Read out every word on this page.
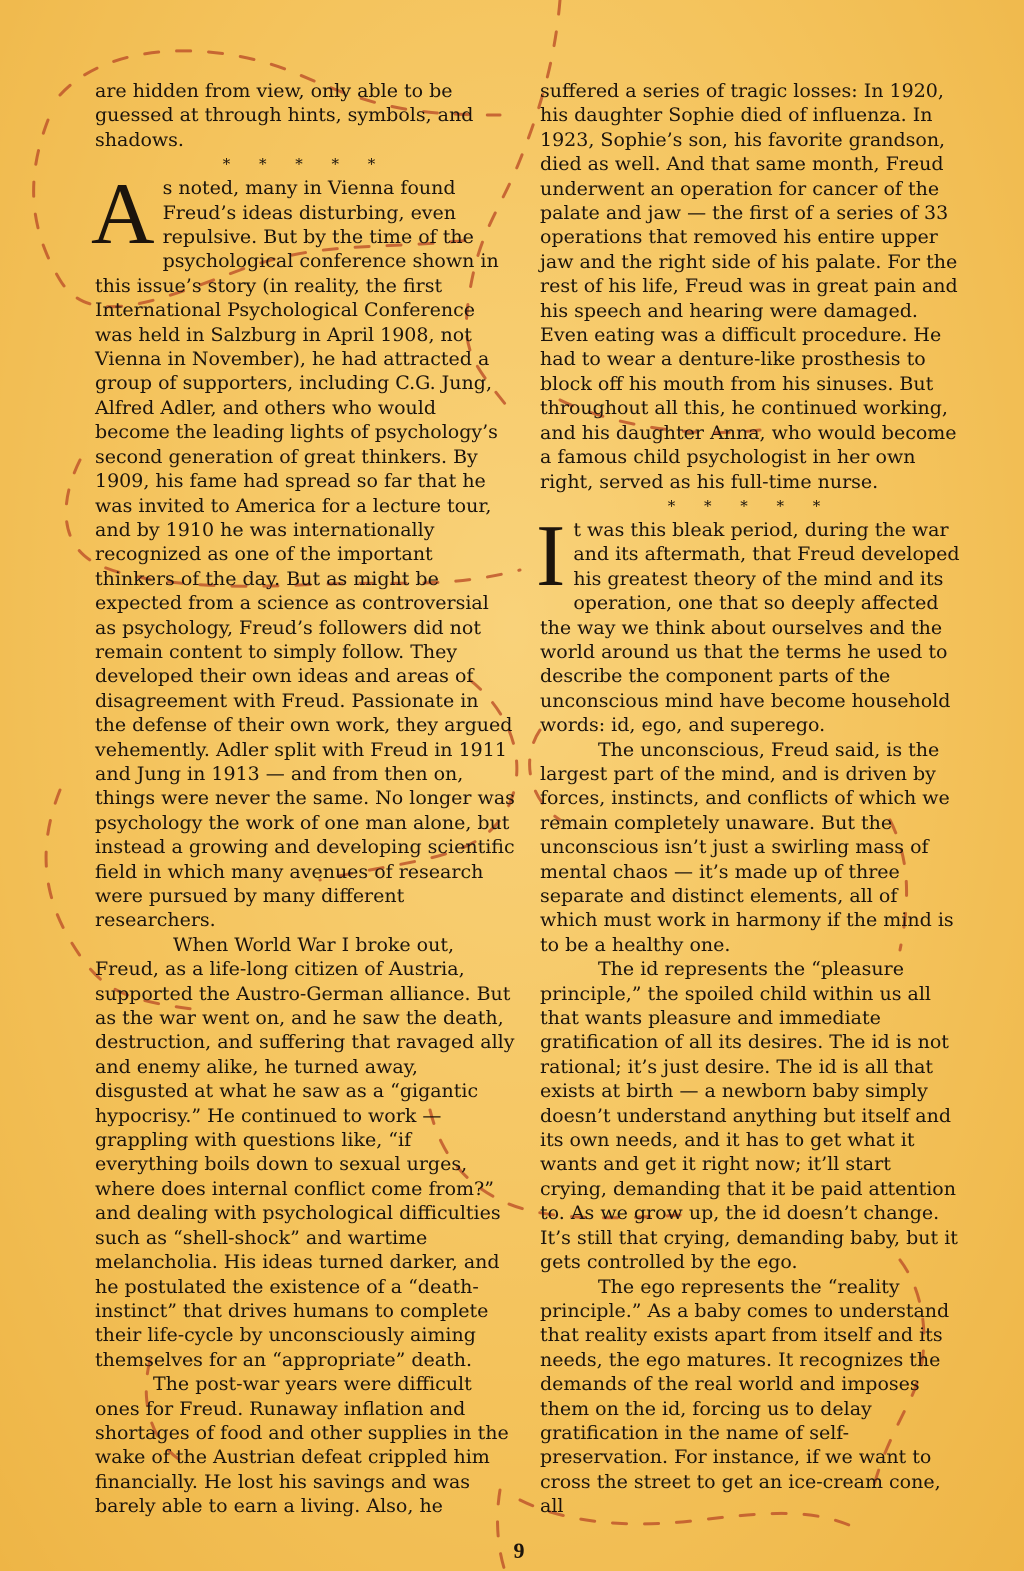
are hidden from view, only able to be guessed at through hints, symbols, and shadows.

* * * * *

As noted, many in Vienna found Freud’s ideas disturbing, even repulsive. But by the time of the psychological conference shown in this issue’s story (in reality, the first International Psychological Conference was held in Salzburg in April 1908, not Vienna in November), he had attracted a group of supporters, including C.G. Jung, Alfred Adler, and others who would become the leading lights of psychology’s second generation of great thinkers. By 1909, his fame had spread so far that he was invited to America for a lecture tour, and by 1910 he was internationally recognized as one of the important thinkers of the day. But as might be expected from a science as controversial as psychology, Freud’s followers did not remain content to simply follow. They developed their own ideas and areas of disagreement with Freud. Passionate in the defense of their own work, they argued vehemently. Adler split with Freud in 1911 and Jung in 1913 — and from then on, things were never the same. No longer was psychology the work of one man alone, but instead a growing and developing scientific field in which many avenues of research were pursued by many different researchers.

When World War I broke out, Freud, as a life-long citizen of Austria, supported the Austro-German alliance. But as the war went on, and he saw the death, destruction, and suffering that ravaged ally and enemy alike, he turned away, disgusted at what he saw as a “gigantic hypocrisy.” He continued to work — grappling with questions like, “if everything boils down to sexual urges, where does internal conflict come from?” and dealing with psychological difficulties such as “shell-shock” and wartime melancholia. His ideas turned darker, and he postulated the existence of a “death-instinct” that drives humans to complete their life-cycle by unconsciously aiming themselves for an “appropriate” death.

The post-war years were difficult ones for Freud. Runaway inflation and shortages of food and other supplies in the wake of the Austrian defeat crippled him financially. He lost his savings and was barely able to earn a living. Also, he

suffered a series of tragic losses: In 1920, his daughter Sophie died of influenza. In 1923, Sophie’s son, his favorite grandson, died as well. And that same month, Freud underwent an operation for cancer of the palate and jaw — the first of a series of 33 operations that removed his entire upper jaw and the right side of his palate. For the rest of his life, Freud was in great pain and his speech and hearing were damaged. Even eating was a difficult procedure. He had to wear a denture-like prosthesis to block off his mouth from his sinuses. But throughout all this, he continued working, and his daughter Anna, who would become a famous child psychologist in her own right, served as his full-time nurse.

* * * * *

It was this bleak period, during the war and its aftermath, that Freud developed his greatest theory of the mind and its operation, one that so deeply affected the way we think about ourselves and the world around us that the terms he used to describe the component parts of the unconscious mind have become household words: id, ego, and superego.

The unconscious, Freud said, is the largest part of the mind, and is driven by forces, instincts, and conflicts of which we remain completely unaware. But the unconscious isn’t just a swirling mass of mental chaos — it’s made up of three separate and distinct elements, all of which must work in harmony if the mind is to be a healthy one.

The id represents the “pleasure principle,” the spoiled child within us all that wants pleasure and immediate gratification of all its desires. The id is not rational; it’s just desire. The id is all that exists at birth — a newborn baby simply doesn’t understand anything but itself and its own needs, and it has to get what it wants and get it right now; it’ll start crying, demanding that it be paid attention to. As we grow up, the id doesn’t change. It’s still that crying, demanding baby, but it gets controlled by the ego.

The ego represents the “reality principle.” As a baby comes to understand that reality exists apart from itself and its needs, the ego matures. It recognizes the demands of the real world and imposes them on the id, forcing us to delay gratification in the name of self-preservation. For instance, if we want to cross the street to get an ice-cream cone, all

9
